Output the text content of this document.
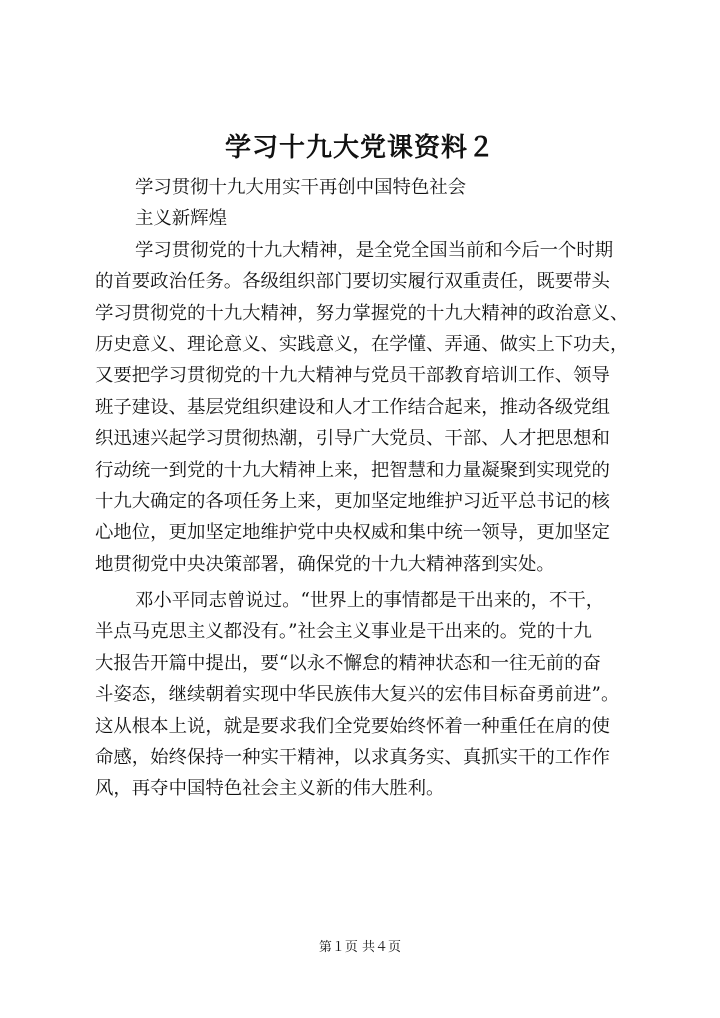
学习十九大党课资料２
学习贯彻十九大用实干再创中国特色社会
主义新辉煌
学习贯彻党的十九大精神，是全党全国当前和今后一个时期
的首要政治任务。各级组织部门要切实履行双重责任，既要带头
学习贯彻党的十九大精神，努力掌握党的十九大精神的政治意义、
历史意义、理论意义、实践意义，在学懂、弄通、做实上下功夫，
又要把学习贯彻党的十九大精神与党员干部教育培训工作、领导
班子建设、基层党组织建设和人才工作结合起来，推动各级党组
织迅速兴起学习贯彻热潮，引导广大党员、干部、人才把思想和
行动统一到党的十九大精神上来，把智慧和力量凝聚到实现党的
十九大确定的各项任务上来，更加坚定地维护习近平总书记的核
心地位，更加坚定地维护党中央权威和集中统一领导，更加坚定
地贯彻党中央决策部署，确保党的十九大精神落到实处。
邓小平同志曾说过。“世界上的事情都是干出来的，不干，
半点马克思主义都没有。”社会主义事业是干出来的。党的十九
大报告开篇中提出，要“以永不懈怠的精神状态和一往无前的奋
斗姿态，继续朝着实现中华民族伟大复兴的宏伟目标奋勇前进”。
这从根本上说，就是要求我们全党要始终怀着一种重任在肩的使
命感，始终保持一种实干精神，以求真务实、真抓实干的工作作
风，再夺中国特色社会主义新的伟大胜利。
第１页 共４页
